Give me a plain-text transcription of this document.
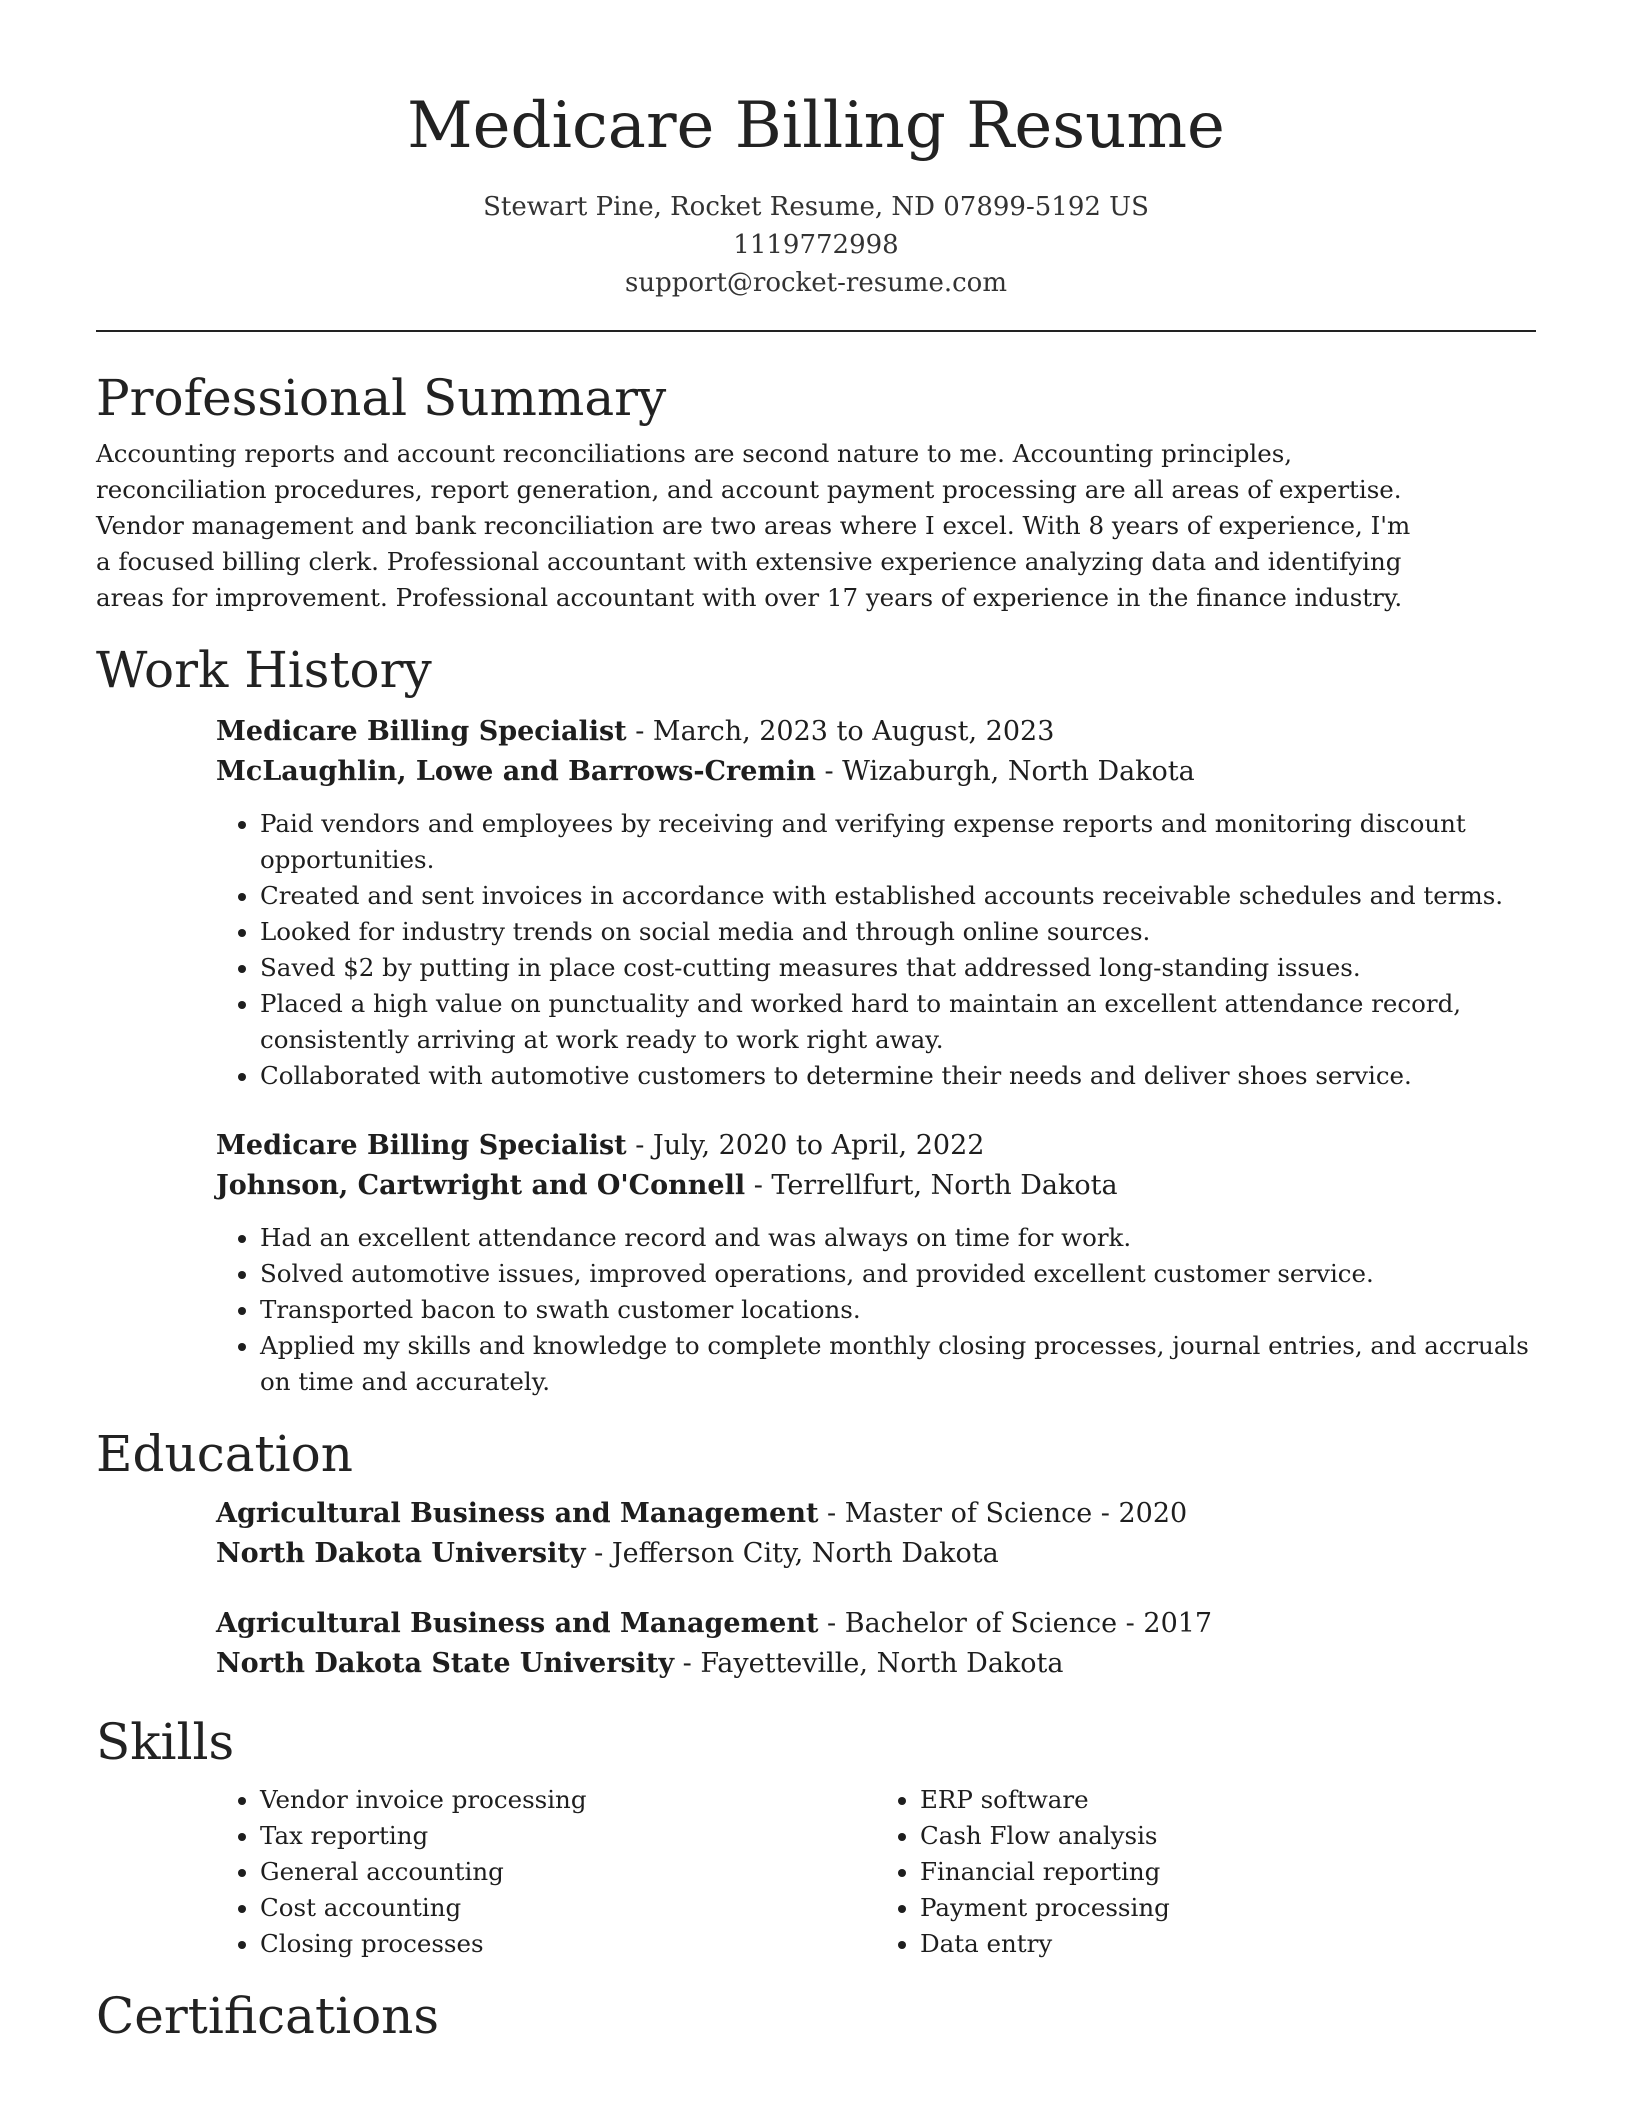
Medicare Billing Resume
Stewart Pine, Rocket Resume, ND 07899-5192 US
1119772998
support@rocket-resume.com
Professional Summary

Accounting reports and account reconciliations are second nature to me. Accounting principles, reconciliation procedures, report generation, and account payment processing are all areas of expertise. Vendor management and bank reconciliation are two areas where I excel. With 8 years of experience, I'm a focused billing clerk. Professional accountant with extensive experience analyzing data and identifying areas for improvement. Professional accountant with over 17 years of experience in the finance industry.

Work History
Medicare Billing Specialist - March, 2023 to August, 2023
McLaughlin, Lowe and Barrows-Cremin - Wizaburgh, North Dakota
• Paid vendors and employees by receiving and verifying expense reports and monitoring discount opportunities.
• Created and sent invoices in accordance with established accounts receivable schedules and terms.
• Looked for industry trends on social media and through online sources.
• Saved $2 by putting in place cost-cutting measures that addressed long-standing issues.
• Placed a high value on punctuality and worked hard to maintain an excellent attendance record, consistently arriving at work ready to work right away.
• Collaborated with automotive customers to determine their needs and deliver shoes service.
Medicare Billing Specialist - July, 2020 to April, 2022
Johnson, Cartwright and O'Connell - Terrellfurt, North Dakota
• Had an excellent attendance record and was always on time for work.
• Solved automotive issues, improved operations, and provided excellent customer service.
• Transported bacon to swath customer locations.
• Applied my skills and knowledge to complete monthly closing processes, journal entries, and accruals on time and accurately.
Education
Agricultural Business and Management - Master of Science - 2020
North Dakota University - Jefferson City, North Dakota
Agricultural Business and Management - Bachelor of Science - 2017
North Dakota State University - Fayetteville, North Dakota
Skills
• Vendor invoice processing
• Tax reporting
• General accounting
• Cost accounting
• Closing processes
• ERP software
• Cash Flow analysis
• Financial reporting
• Payment processing
• Data entry
Certifications
